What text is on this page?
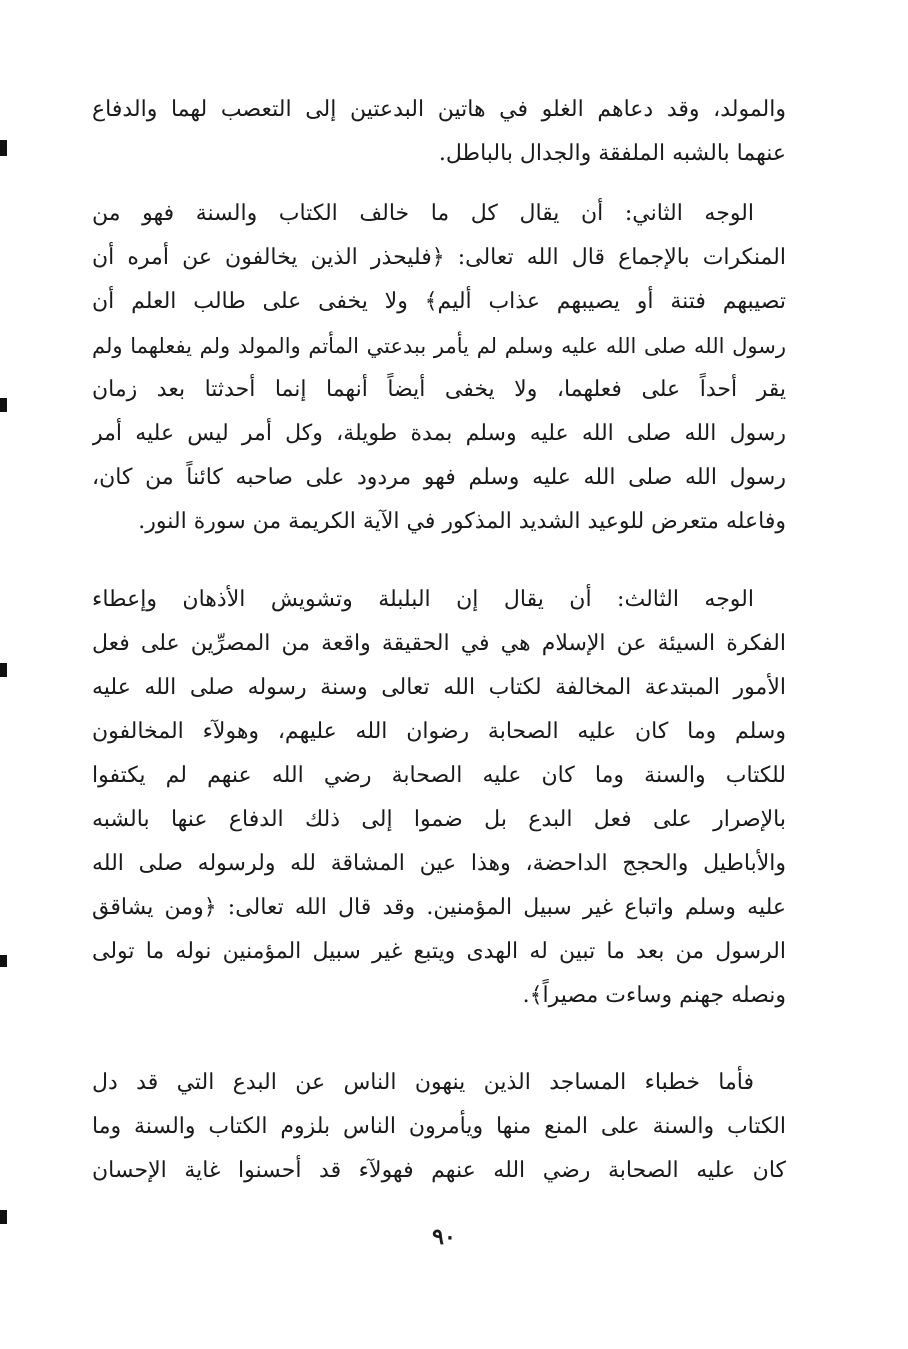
والمولد، وقد دعاهم الغلو في هاتين البدعتين إلى التعصب لهما والدفاع
عنهما بالشبه الملفقة والجدال بالباطل.
الوجه الثاني: أن يقال كل ما خالف الكتاب والسنة فهو من
المنكرات بالإجماع قال الله تعالى: ﴿فليحذر الذين يخالفون عن أمره أن
تصيبهم فتنة أو يصيبهم عذاب أليم﴾ ولا يخفى على طالب العلم أن
رسول الله صلى الله عليه وسلم لم يأمر ببدعتي المأتم والمولد ولم يفعلهما ولم
يقر أحداً على فعلهما، ولا يخفى أيضاً أنهما إنما أحدثتا بعد زمان
رسول الله صلى الله عليه وسلم بمدة طويلة، وكل أمر ليس عليه أمر
رسول الله صلى الله عليه وسلم فهو مردود على صاحبه كائناً من كان،
وفاعله متعرض للوعيد الشديد المذكور في الآية الكريمة من سورة النور.
الوجه الثالث: أن يقال إن البلبلة وتشويش الأذهان وإعطاء
الفكرة السيئة عن الإسلام هي في الحقيقة واقعة من المصرِّين على فعل
الأمور المبتدعة المخالفة لكتاب الله تعالى وسنة رسوله صلى الله عليه
وسلم وما كان عليه الصحابة رضوان الله عليهم، وهولآء المخالفون
للكتاب والسنة وما كان عليه الصحابة رضي الله عنهم لم يكتفوا
بالإصرار على فعل البدع بل ضموا إلى ذلك الدفاع عنها بالشبه
والأباطيل والحجج الداحضة، وهذا عين المشاقة لله ولرسوله صلى الله
عليه وسلم واتباع غير سبيل المؤمنين. وقد قال الله تعالى: ﴿ومن يشاقق
الرسول من بعد ما تبين له الهدى ويتبع غير سبيل المؤمنين نوله ما تولى
ونصله جهنم وساءت مصيراً﴾.
فأما خطباء المساجد الذين ينهون الناس عن البدع التي قد دل
الكتاب والسنة على المنع منها ويأمرون الناس بلزوم الكتاب والسنة وما
كان عليه الصحابة رضي الله عنهم فهولآء قد أحسنوا غاية الإحسان
٩٠
